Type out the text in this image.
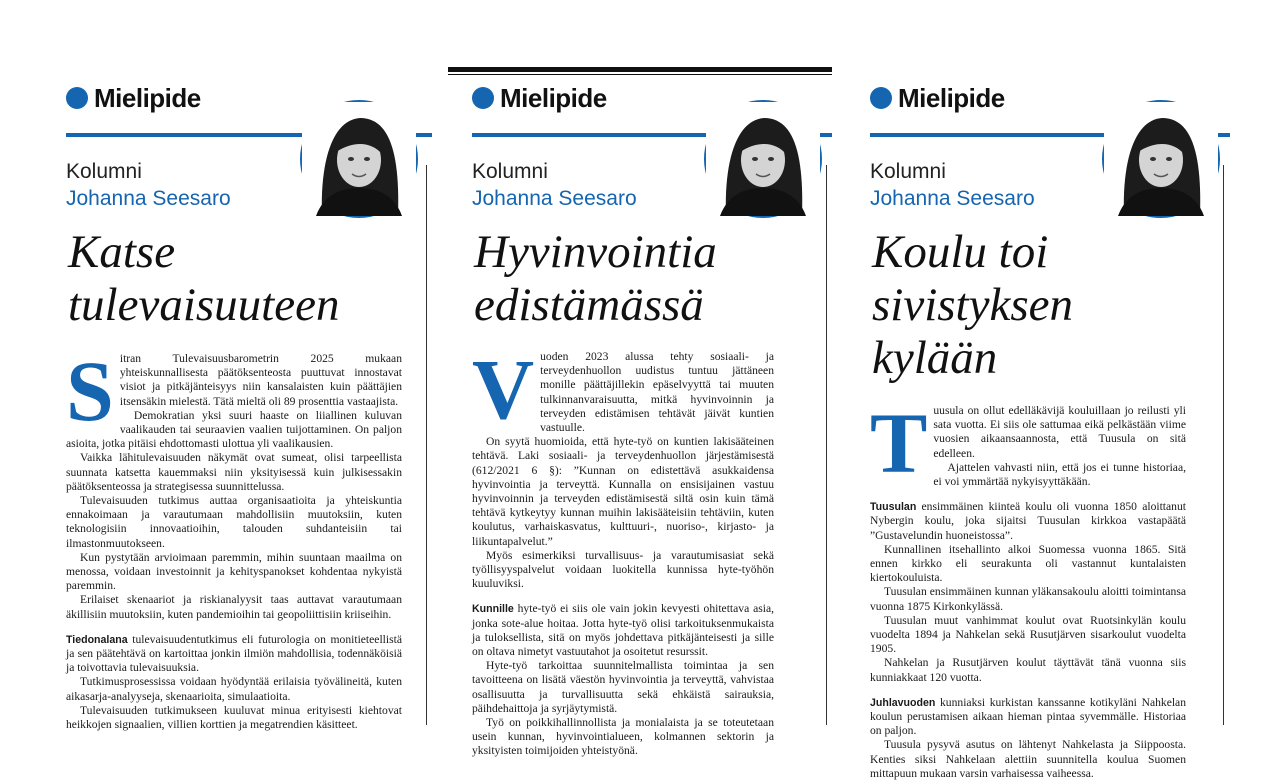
Mielipide
Kolumni
Johanna Seesaro
Katse
tulevaisuuteen
S itran Tulevaisuusbarometrin 2025 mukaan yhteiskunnallisesta päätöksenteosta puuttuvat innostavat visiot ja pitkäjänteisyys niin kansalaisten kuin päättäjien itsensäkin mielestä. Tätä mieltä oli 89 prosenttia vastaajista.

Demokratian yksi suuri haaste on liiallinen kuluvan vaalikauden tai seuraavien vaalien tuijottaminen. On paljon asioita, jotka pitäisi ehdottomasti ulottua yli vaalikausien.

Vaikka lähitulevaisuuden näkymät ovat sumeat, olisi tarpeellista suunnata katsetta kauemmaksi niin yksityisessä kuin julkisessakin päätöksenteossa ja strategisessa suunnittelussa.

Tulevaisuuden tutkimus auttaa organisaatioita ja yhteiskuntia ennakoimaan ja varautumaan mahdollisiin muutoksiin, kuten teknologisiin innovaatioihin, talouden suhdanteisiin tai ilmastonmuutokseen.

Kun pystytään arvioimaan paremmin, mihin suuntaan maailma on menossa, voidaan investoinnit ja kehityspanokset kohdentaa nykyistä paremmin.

Erilaiset skenaariot ja riskianalyysit taas auttavat varautumaan äkillisiin muutoksiin, kuten pandemioihin tai geopoliittisiin kriiseihin.

Tiedonalana tulevaisuudentutkimus eli futurologia on monitieteellistä ja sen päätehtävä on kartoittaa jonkin ilmiön mahdollisia, todennäköisiä ja toivottavia tulevaisuuksia.

Tutkimusprosessissa voidaan hyödyntää erilaisia työvälineitä, kuten aikasarja-analyyseja, skenaarioita, simulaatioita.

Tulevaisuuden tutkimukseen kuuluvat minua erityisesti kiehtovat heikkojen signaalien, villien korttien ja megatrendien käsitteet.

Mielipide
Kolumni
Johanna Seesaro
Hyvinvointia
edistämässä
V uoden 2023 alussa tehty sosiaali- ja terveydenhuollon uudistus tuntuu jättäneen monille päättäjillekin epäselvyyttä tai muuten tulkinnanvaraisuutta, mitkä hyvinvoinnin ja terveyden edistämisen tehtävät jäivät kuntien vastuulle.

On syytä huomioida, että hyte-työ on kuntien lakisääteinen tehtävä. Laki sosiaali- ja terveydenhuollon järjestämisestä (612/2021 6 §): ”Kunnan on edistettävä asukkaidensa hyvinvointia ja terveyttä. Kunnalla on ensisijainen vastuu hyvinvoinnin ja terveyden edistämisestä siltä osin kuin tämä tehtävä kytkeytyy kunnan muihin lakisääteisiin tehtäviin, kuten koulutus, varhaiskasvatus, kulttuuri-, nuoriso-, kirjasto- ja liikuntapalvelut.”

Myös esimerkiksi turvallisuus- ja varautumisasiat sekä työllisyyspalvelut voidaan luokitella kunnissa hyte-työhön kuuluviksi.

Kunnille hyte-työ ei siis ole vain jokin kevyesti ohitettava asia, jonka sote-alue hoitaa. Jotta hyte-työ olisi tarkoituksenmukaista ja tuloksellista, sitä on myös johdettava pitkäjänteisesti ja sille on oltava nimetyt vastuutahot ja osoitetut resurssit.

Hyte-työ tarkoittaa suunnitelmallista toimintaa ja sen tavoitteena on lisätä väestön hyvinvointia ja terveyttä, vahvistaa osallisuutta ja turvallisuutta sekä ehkäistä sairauksia, päihdehaittoja ja syrjäytymistä.

Työ on poikkihallinnollista ja monialaista ja se toteutetaan usein kunnan, hyvinvointialueen, kolmannen sektorin ja yksityisten toimijoiden yhteistyönä.

Mielipide
Kolumni
Johanna Seesaro
Koulu toi
sivistyksen
kylään
T uusula on ollut edelläkävijä kouluillaan jo reilusti yli sata vuotta. Ei siis ole sattumaa eikä pelkästään viime vuosien aikaansaannosta, että Tuusula on sitä edelleen.

Ajattelen vahvasti niin, että jos ei tunne historiaa, ei voi ymmärtää nykyisyyttäkään.

Tuusulan ensimmäinen kiinteä koulu oli vuonna 1850 aloittanut Nybergin koulu, joka sijaitsi Tuusulan kirkkoa vastapäätä ”Gustavelundin huoneistossa”.

Kunnallinen itsehallinto alkoi Suomessa vuonna 1865. Sitä ennen kirkko eli seurakunta oli vastannut kuntalaisten kiertokouluista.

Tuusulan ensimmäinen kunnan yläkansakoulu aloitti toimintansa vuonna 1875 Kirkonkylässä.

Tuusulan muut vanhimmat koulut ovat Ruotsinkylän koulu vuodelta 1894 ja Nahkelan sekä Rusutjärven sisarkoulut vuodelta 1905.

Nahkelan ja Rusutjärven koulut täyttävät tänä vuonna siis kunniakkaat 120 vuotta.

Juhlavuoden kunniaksi kurkistan kanssanne kotikyläni Nahkelan koulun perustamisen aikaan hieman pintaa syvemmälle. Historiaa on paljon.

Tuusula pysyvä asutus on lähtenyt Nahkelasta ja Siippoosta. Kenties siksi Nahkelaan alettiin suunnitella koulua Suomen mittapuun mukaan varsin varhaisessa vaiheessa.
